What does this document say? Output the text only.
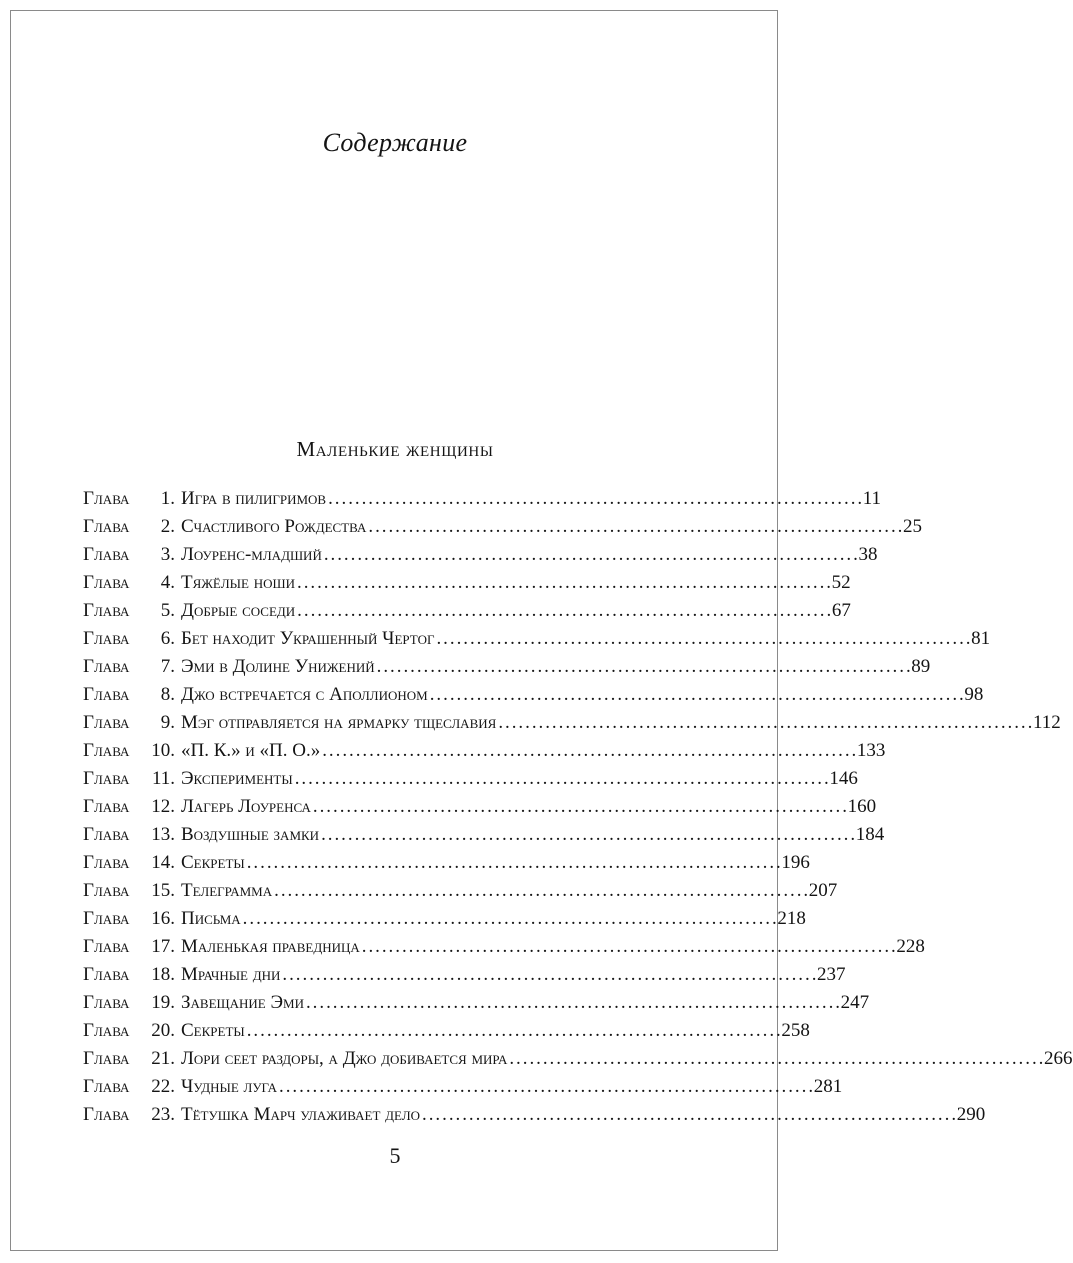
Содержание
Маленькие женщины
Глава	1. Игра в пилигримов . . .	11
Глава	2. Счастливого Рождества . . .	25
Глава	3. Лоуренс-младший . . .	38
Глава	4. Тяжёлые ноши . . .	52
Глава	5. Добрые соседи . . .	67
Глава	6. Бет находит Украшенный Чертог . . .	81
Глава	7. Эми в Долине Унижений . . .	89
Глава	8. Джо встречается с Аполлионом . . .	98
Глава	9. Мэг отправляется на ярмарку тщеславия . . .	112
Глава	10. «П. К.» и «П. О.» . . .	133
Глава	11. Эксперименты . . .	146
Глава	12. Лагерь Лоуренса . . .	160
Глава	13. Воздушные замки . . .	184
Глава	14. Секреты . . .	196
Глава	15. Телеграмма . . .	207
Глава	16. Письма . . .	218
Глава	17. Маленькая праведница . . .	228
Глава	18. Мрачные дни . . .	237
Глава	19. Завещание Эми . . .	247
Глава	20. Секреты . . .	258
Глава	21. Лори сеет раздоры, а Джо добивается мира . . .	266
Глава	22. Чудные луга . . .	281
Глава	23. Тётушка Марч улаживает дело . . .	290
5
